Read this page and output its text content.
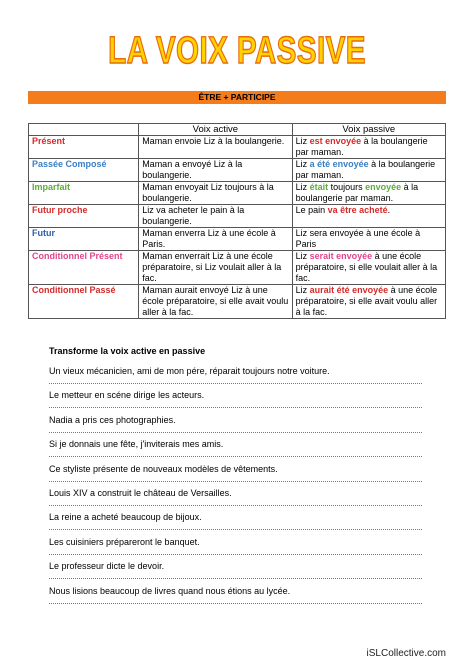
LA VOIX PASSIVE
ÊTRE + PARTICIPE
	Voix active	Voix passive
Présent	Maman envoie Liz à la boulangerie.	Liz est envoyée à la boulangerie par maman.
Passée Composé	Maman a envoyé Liz à la boulangerie.	Liz a été envoyée à la boulangerie par maman.
Imparfait	Maman envoyait Liz toujours à la boulangerie.	Liz était toujours envoyée à la boulangerie par maman.
Futur proche	Liz va acheter le pain à la boulangerie.	Le pain va être acheté.
Futur	Maman enverra Liz à une école à Paris.	Liz sera envoyée à une école à Paris
Conditionnel Présent	Maman enverrait Liz à une école préparatoire, si Liz voulait aller à la fac.	Liz serait envoyée à une école préparatoire, si elle voulait aller à la fac.
Conditionnel Passé	Maman aurait envoyé Liz à une école préparatoire, si elle avait voulu aller à la fac.	Liz aurait été envoyée à une école préparatoire, si elle avait voulu aller à la fac.
Transforme la voix active en passive
Un vieux mécanicien, ami de mon pére, réparait toujours notre voiture.
Le metteur en scéne dirige les acteurs.
Nadia a pris ces photographies.
Si je donnais une fête, j'inviterais mes amis.
Ce styliste présente de nouveaux modèles de vêtements.
Louis XIV a construit le château de Versailles.
La reine a acheté beaucoup de bijoux.
Les cuisiniers prépareront le banquet.
Le professeur dicte le devoir.
Nous lisions beaucoup de livres quand nous étions au lycée.
iSLCollective.com
